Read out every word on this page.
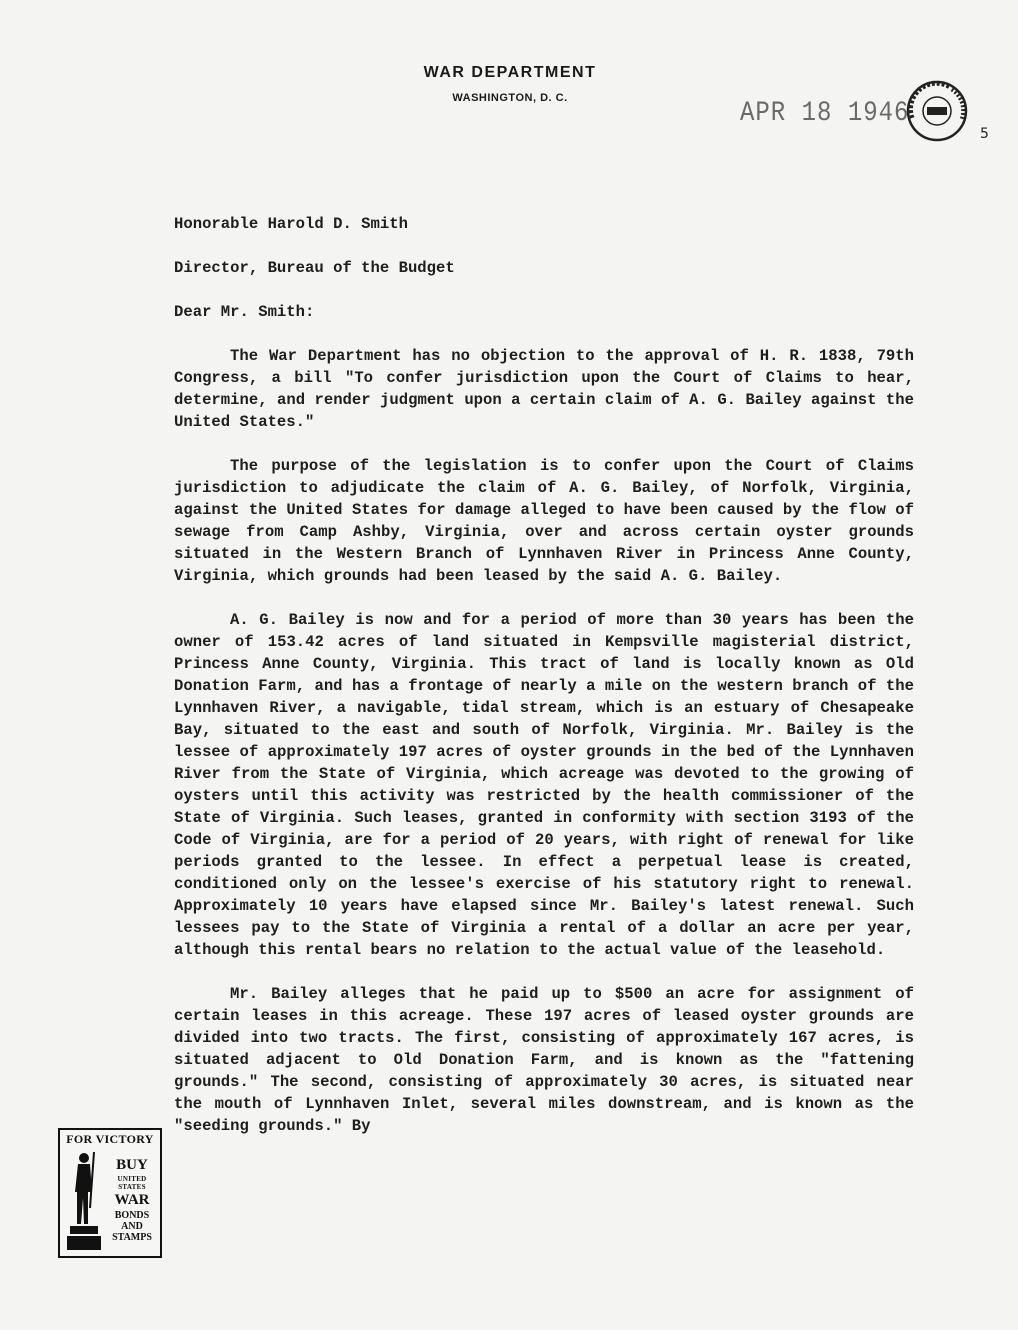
WAR DEPARTMENT
WASHINGTON, D. C.	APR 18 1946
5

Honorable Harold D. Smith

Director, Bureau of the Budget

Dear Mr. Smith:

The War Department has no objection to the approval of H. R. 1838, 79th Congress, a bill "To confer jurisdiction upon the Court of Claims to hear, determine, and render judgment upon a certain claim of A. G. Bailey against the United States."

The purpose of the legislation is to confer upon the Court of Claims jurisdiction to adjudicate the claim of A. G. Bailey, of Norfolk, Virginia, against the United States for damage alleged to have been caused by the flow of sewage from Camp Ashby, Virginia, over and across certain oyster grounds situated in the Western Branch of Lynnhaven River in Princess Anne County, Virginia, which grounds had been leased by the said A. G. Bailey.

A. G. Bailey is now and for a period of more than 30 years has been the owner of 153.42 acres of land situated in Kempsville magisterial district, Princess Anne County, Virginia. This tract of land is locally known as Old Donation Farm, and has a frontage of nearly a mile on the western branch of the Lynnhaven River, a navigable, tidal stream, which is an estuary of Chesapeake Bay, situated to the east and south of Norfolk, Virginia. Mr. Bailey is the lessee of approximately 197 acres of oyster grounds in the bed of the Lynnhaven River from the State of Virginia, which acreage was devoted to the growing of oysters until this activity was restricted by the health commissioner of the State of Virginia. Such leases, granted in conformity with section 3193 of the Code of Virginia, are for a period of 20 years, with right of renewal for like periods granted to the lessee. In effect a perpetual lease is created, conditioned only on the lessee's exercise of his statutory right to renewal. Approximately 10 years have elapsed since Mr. Bailey's latest renewal. Such lessees pay to the State of Virginia a rental of a dollar an acre per year, although this rental bears no relation to the actual value of the leasehold.

Mr. Bailey alleges that he paid up to $500 an acre for assignment of certain leases in this acreage. These 197 acres of leased oyster grounds are divided into two tracts. The first, consisting of approximately 167 acres, is situated adjacent to Old Donation Farm, and is known as the "fattening grounds." The second, consisting of approximately 30 acres, is situated near the mouth of Lynnhaven Inlet, several miles downstream, and is known as the "seeding grounds." By

FOR VICTORY
BUY
UNITED STATES
WAR
BONDS AND
STAMPS
